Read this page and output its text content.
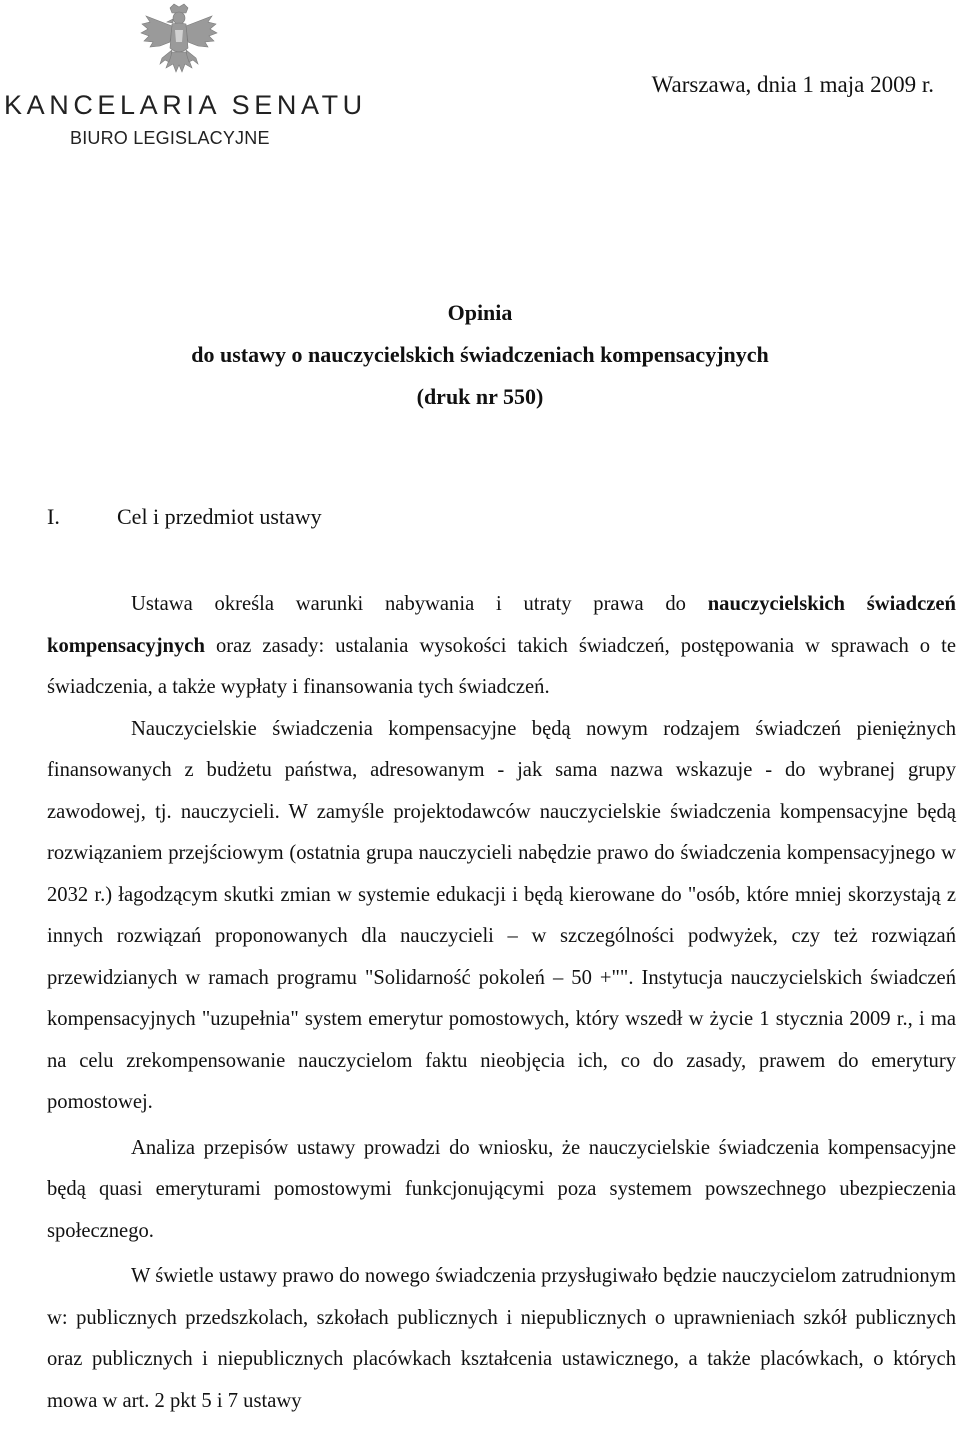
KANCELARIA SENATU
BIURO LEGISLACYJNE
Warszawa, dnia 1 maja 2009 r.
Opinia
do ustawy o nauczycielskich świadczeniach kompensacyjnych
(druk nr 550)
I.	Cel i przedmiot ustawy

Ustawa określa warunki nabywania i utraty prawa do nauczycielskich świadczeń kompensacyjnych oraz zasady: ustalania wysokości takich świadczeń, postępowania w sprawach o te świadczenia, a także wypłaty i finansowania tych świadczeń.

Nauczycielskie świadczenia kompensacyjne będą nowym rodzajem świadczeń pieniężnych finansowanych z budżetu państwa, adresowanym - jak sama nazwa wskazuje - do wybranej grupy zawodowej, tj. nauczycieli. W zamyśle projektodawców nauczycielskie świadczenia kompensacyjne będą rozwiązaniem przejściowym (ostatnia grupa nauczycieli nabędzie prawo do świadczenia kompensacyjnego w 2032 r.) łagodzącym skutki zmian w systemie edukacji i będą kierowane do "osób, które mniej skorzystają z innych rozwiązań proponowanych dla nauczycieli – w szczególności podwyżek, czy też rozwiązań przewidzianych w ramach programu "Solidarność pokoleń – 50 +"". Instytucja nauczycielskich świadczeń kompensacyjnych "uzupełnia" system emerytur pomostowych, który wszedł w życie 1 stycznia 2009 r., i ma na celu zrekompensowanie nauczycielom faktu nieobjęcia ich, co do zasady, prawem do emerytury pomostowej.

Analiza przepisów ustawy prowadzi do wniosku, że nauczycielskie świadczenia kompensacyjne będą quasi emeryturami pomostowymi funkcjonującymi poza systemem powszechnego ubezpieczenia społecznego.

W świetle ustawy prawo do nowego świadczenia przysługiwało będzie nauczycielom zatrudnionym w: publicznych przedszkolach, szkołach publicznych i niepublicznych o uprawnieniach szkół publicznych oraz publicznych i niepublicznych placówkach kształcenia ustawicznego, a także placówkach, o których mowa w art. 2 pkt 5 i 7 ustawy
